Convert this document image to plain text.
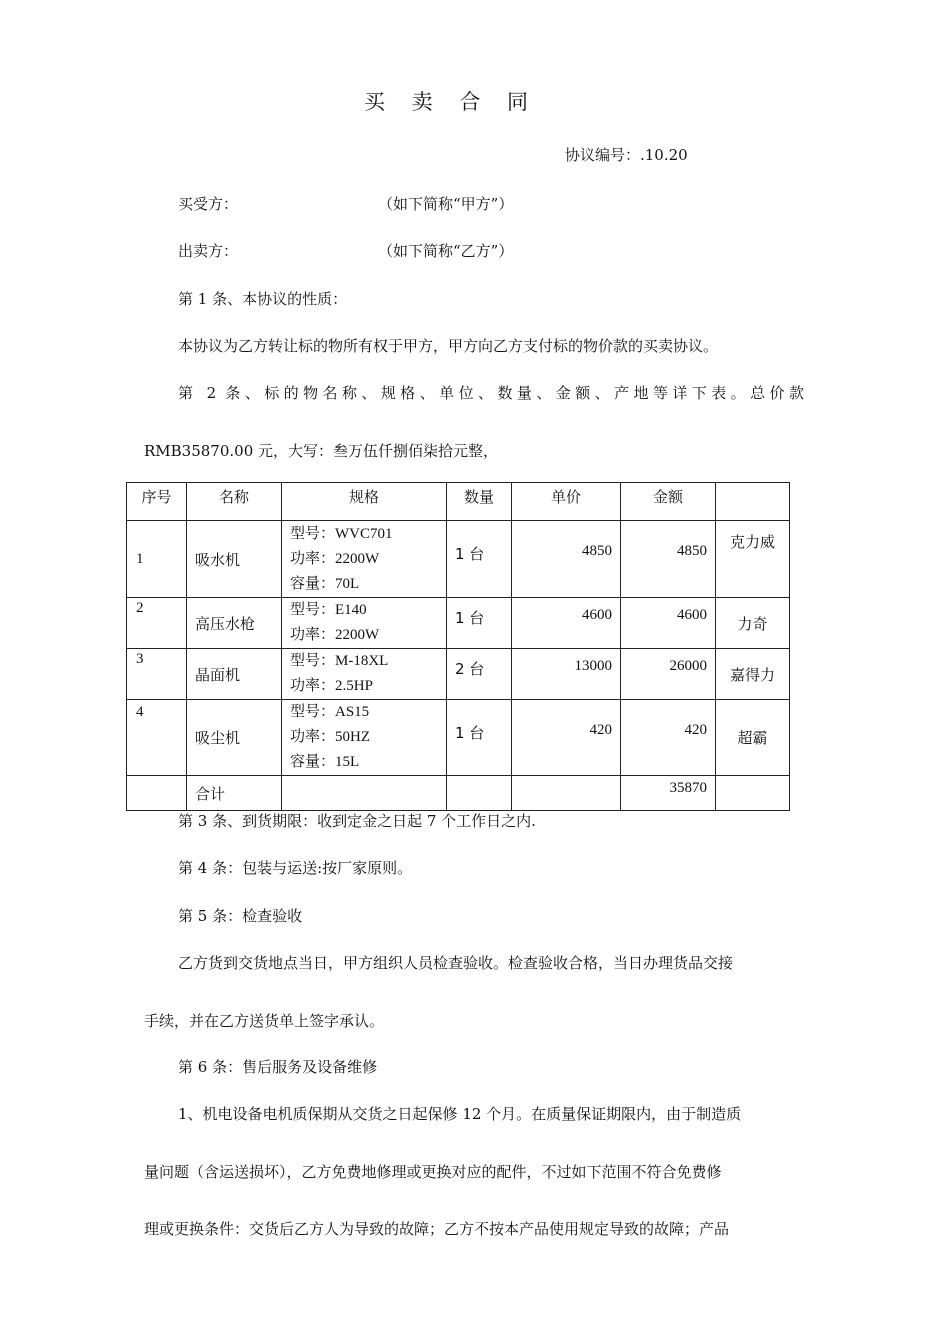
买 卖 合 同
协议编号：.10.20
买受方：	（如下简称“甲方”）
出卖方：	（如下简称“乙方”）
第 1 条、本协议的性质：
本协议为乙方转让标的物所有权于甲方，甲方向乙方支付标的物价款的买卖协议。
第 2 条、标的物名称、规格、单位、数量、金额、产地等详下表。总价款
RMB35870.00 元，大写：叁万伍仟捌佰柒拾元整，
序号	名称	规格	数量	单价	金额	
1	吸水机	型号：WVC701
功率：2200W
容量：70L	1 台	4850	4850	克力威
2	高压水枪	型号：E140
功率：2200W	1 台	4600	4600	力奇
3	晶面机	型号：M-18XL
功率：2.5HP	2 台	13000	26000	嘉得力
4	吸尘机	型号：AS15
功率：50HZ
容量：15L	1 台	420	420	超霸
	合计				35870	
第 3 条、到货期限：收到定金之日起 7 个工作日之内.
第 4 条：包装与运送:按厂家原则。
第 5 条：检查验收
乙方货到交货地点当日，甲方组织人员检查验收。检查验收合格，当日办理货品交接
手续，并在乙方送货单上签字承认。
第 6 条：售后服务及设备维修
1、机电设备电机质保期从交货之日起保修 12 个月。在质量保证期限内，由于制造质
量问题（含运送损坏），乙方免费地修理或更换对应的配件，不过如下范围不符合免费修
理或更换条件：交货后乙方人为导致的故障；乙方不按本产品使用规定导致的故障；产品
